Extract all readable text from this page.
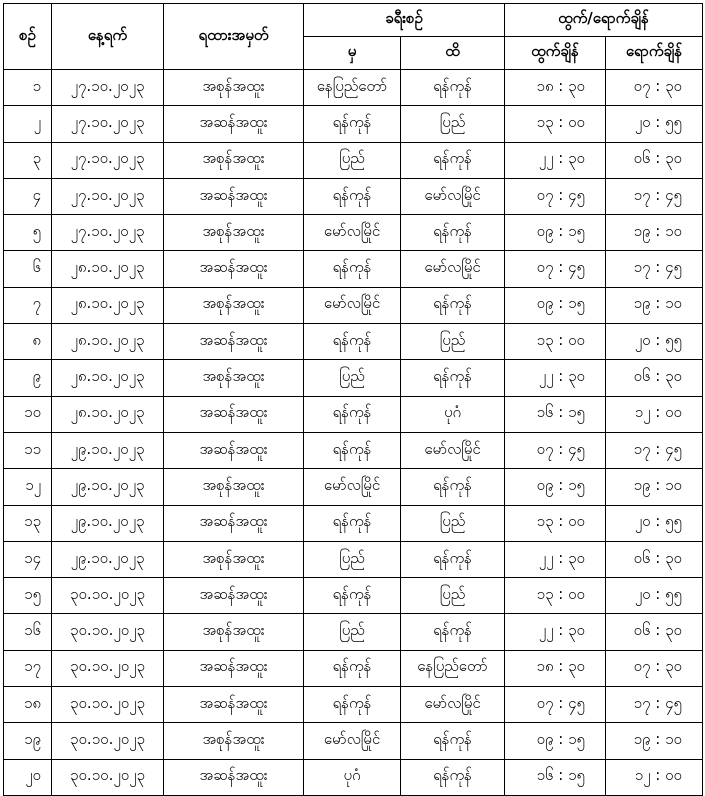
စဉ်	နေ့ရက်	ရထားအမှတ်	ခရီးစဉ်		ထွက်/ရောက်ချိန်	
			မှ	ထိ	ထွက်ချိန်	ရောက်ချိန်
၁	၂၇.၁၀.၂၀၂၃	အစုန်အထူး	နေပြည်တော်	ရန်ကုန်	၁၈ : ၃၀	၀၇ : ၃၀
၂	၂၇.၁၀.၂၀၂၃	အဆန်အထူး	ရန်ကုန်	ပြည်	၁၃ : ၀၀	၂၀ : ၅၅
၃	၂၇.၁၀.၂၀၂၃	အစုန်အထူး	ပြည်	ရန်ကုန်	၂၂ : ၃၀	၀၆ : ၃၀
၄	၂၇.၁၀.၂၀၂၃	အဆန်အထူး	ရန်ကုန်	မော်လမြိုင်	၀၇ : ၄၅	၁၇ : ၄၅
၅	၂၇.၁၀.၂၀၂၃	အစုန်အထူး	မော်လမြိုင်	ရန်ကုန်	၀၉ : ၁၅	၁၉ : ၁၀
၆	၂၈.၁၀.၂၀၂၃	အဆန်အထူး	ရန်ကုန်	မော်လမြိုင်	၀၇ : ၄၅	၁၇ : ၄၅
၇	၂၈.၁၀.၂၀၂၃	အစုန်အထူး	မော်လမြိုင်	ရန်ကုန်	၀၉ : ၁၅	၁၉ : ၁၀
၈	၂၈.၁၀.၂၀၂၃	အဆန်အထူး	ရန်ကုန်	ပြည်	၁၃ : ၀၀	၂၀ : ၅၅
၉	၂၈.၁၀.၂၀၂၃	အစုန်အထူး	ပြည်	ရန်ကုန်	၂၂ : ၃၀	၀၆ : ၃၀
၁၀	၂၈.၁၀.၂၀၂၃	အဆန်အထူး	ရန်ကုန်	ပုဂံ	၁၆ : ၁၅	၁၂ : ၀၀
၁၁	၂၉.၁၀.၂၀၂၃	အဆန်အထူး	ရန်ကုန်	မော်လမြိုင်	၀၇ : ၄၅	၁၇ : ၄၅
၁၂	၂၉.၁၀.၂၀၂၃	အစုန်အထူး	မော်လမြိုင်	ရန်ကုန်	၀၉ : ၁၅	၁၉ : ၁၀
၁၃	၂၉.၁၀.၂၀၂၃	အဆန်အထူး	ရန်ကုန်	ပြည်	၁၃ : ၀၀	၂၀ : ၅၅
၁၄	၂၉.၁၀.၂၀၂၃	အစုန်အထူး	ပြည်	ရန်ကုန်	၂၂ : ၃၀	၀၆ : ၃၀
၁၅	၃၀.၁၀.၂၀၂၃	အဆန်အထူး	ရန်ကုန်	ပြည်	၁၃ : ၀၀	၂၀ : ၅၅
၁၆	၃၀.၁၀.၂၀၂၃	အစုန်အထူး	ပြည်	ရန်ကုန်	၂၂ : ၃၀	၀၆ : ၃၀
၁၇	၃၀.၁၀.၂၀၂၃	အဆန်အထူး	ရန်ကုန်	နေပြည်တော်	၁၈ : ၃၀	၀၇ : ၃၀
၁၈	၃၀.၁၀.၂၀၂၃	အဆန်အထူး	ရန်ကုန်	မော်လမြိုင်	၀၇ : ၄၅	၁၇ : ၄၅
၁၉	၃၀.၁၀.၂၀၂၃	အစုန်အထူး	မော်လမြိုင်	ရန်ကုန်	၀၉ : ၁၅	၁၉ : ၁၀
၂၀	၃၀.၁၀.၂၀၂၃	အဆန်အထူး	ပုဂံ	ရန်ကုန်	၁၆ : ၁၅	၁၂ : ၀၀
